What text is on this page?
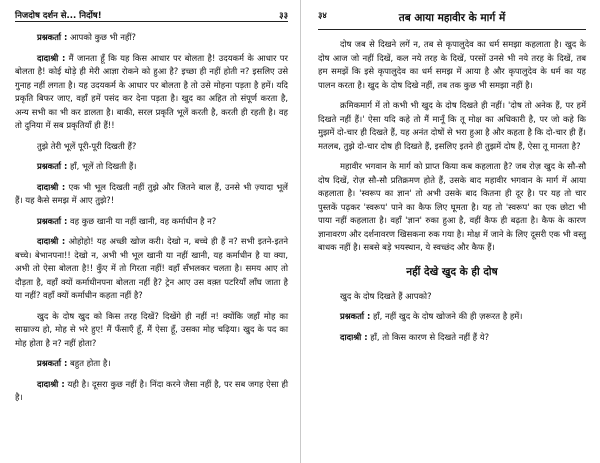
निजदोष दर्शन से... निर्दोष!	३३

प्रश्नकर्ता : आपको कुछ भी नहीं?

दादाश्री : मैं जानता हूँ कि यह किस आधार पर बोलता है! उदयकर्म के आधार पर बोलता है! कोई थोड़े ही मेरी आज्ञा रोकने को हुआ है? इच्छा ही नहीं होती न? इसलिए उसे गुनाह नहीं लगता है। यह उदयकर्म के आधार पर बोलता है तो उसे मोहना पड़ता है हमें। यदि प्रकृति बिफर जाए, वहाँ हमें पसंद कर देना पड़ता है। खुद का अहित तो संपूर्ण करता है, अन्य सभी का भी कर डालता है। बाकी, सरल प्रकृति भूलें करती है, करती ही रहती है। वह तो दुनिया में सब प्रकृतियाँ ही हैं!!

तुझे तेरी भूलें पूरी-पूरी दिखती हैं?

प्रश्नकर्ता : हाँ, भूलें तो दिखती हैं।

दादाश्री : एक भी भूल दिखती नहीं तुझे और जितने बाल हैं, उनसे भी ज़्यादा भूलें हैं। यह कैसे समझ में आए तुझे?!

प्रश्नकर्ता : वह कुछ खानी या नहीं खानी, वह कर्माधीन है न?

दादाश्री : ओहोहो! यह अच्छी खोज करी। देखो न, बच्चे ही हैं न? सभी इतने-इतने बच्चे। बेभानपना!! देखो न, अभी भी भूल खानी या नहीं खानी, यह कर्माधीन है या क्या, अभी तो ऐसा बोलता है!! कुँए में तो गिरता नहीं! वहाँ सँभलकर चलता है। समय आए तो दौड़ता है, वहाँ क्यों कर्माधीनपना बोलता नहीं है? ट्रेन आए उस वक़्त पटरियाँ लाँघ जाता है या नहीं? वहाँ क्यों कर्माधीन कहता नहीं है?

खुद के दोष खुद को किस तरह दिखें? दिखेंगे ही नहीं न! क्योंकि जहाँ मोह का साम्राज्य हो, मोह से भरे हुए! मैं फँसाएँ हूँ, मैं ऐसा हूँ, उसका मोह चढ़िया। खुद के पद का मोह होता है न? नहीं होता?

प्रश्नकर्ता : बहुत होता है।

दादाश्री : यही है। दूसरा कुछ नहीं है। निंदा करने जैसा नहीं है, पर सब जगह ऐसा ही है।

३४	तब आया महावीर के मार्ग में

दोष जब से दिखने लगें न, तब से कृपालुदेव का धर्म समझा कहलाता है। खुद के दोष आज जो नहीं दिखें, कल नये तरह के दिखें, परसों उनसे भी नये तरह के दिखें, तब हम समझें कि इसे कृपालुदेव का धर्म समझ में आया है और कृपालुदेव के धर्म का यह पालन करता है। खुद के दोष दिखे नहीं, तब तक कुछ भी समझा नहीं है।

क्रमिकमार्ग में तो कभी भी खुद के दोष दिखते ही नहीं। 'दोष तो अनेक हैं, पर हमें दिखते नहीं हैं।' ऐसा यदि कहे तो मैं मानूँ कि तू मोक्ष का अधिकारी है, पर जो कहे कि मुझमें दो-चार ही दिखते हैं, यह अनंत दोषों से भरा हुआ है और कहता है कि दो-चार ही हैं। मतलब, तुझे दो-चार दोष ही दिखते हैं, इसलिए इतने ही तुझमें दोष हैं, ऐसा तू मानता है?

महावीर भगवान के मार्ग को प्राप्त किया कब कहलाता है? जब रोज़ खुद के सौ-सौ दोष दिखें, रोज़ सौ-सौ प्रतिक्रमण होते हैं, उसके बाद महावीर भगवान के मार्ग में आया कहलाता है। 'स्वरूप का ज्ञान' तो अभी उसके बाद कितना ही दूर है। पर यह तो चार पुस्तकें पढ़कर 'स्वरूप' पाने का कैफ लिए घूमता है। यह तो 'स्वरूप' का एक छोटा भी पाया नहीं कहलाता है। वहाँ 'ज्ञान' रुका हुआ है, वहीं कैफ ही बढ़ता है। कैफ के कारण ज्ञानावरण और दर्शनावरण खिसकना रुक गया है। मोक्ष में जाने के लिए दूसरी एक भी वस्तु बाधक नहीं है। सबसे बड़े भयस्थान, ये स्वच्छंद और कैफ हैं।

नहीं देखे खुद के ही दोष

खुद के दोष दिखते हैं आपको?

प्रश्नकर्ता : हाँ, नहीं खुद के दोष खोजने की ही ज़रूरत है हमें।

दादाश्री : हाँ, तो किस कारण से दिखते नहीं हैं ये?
